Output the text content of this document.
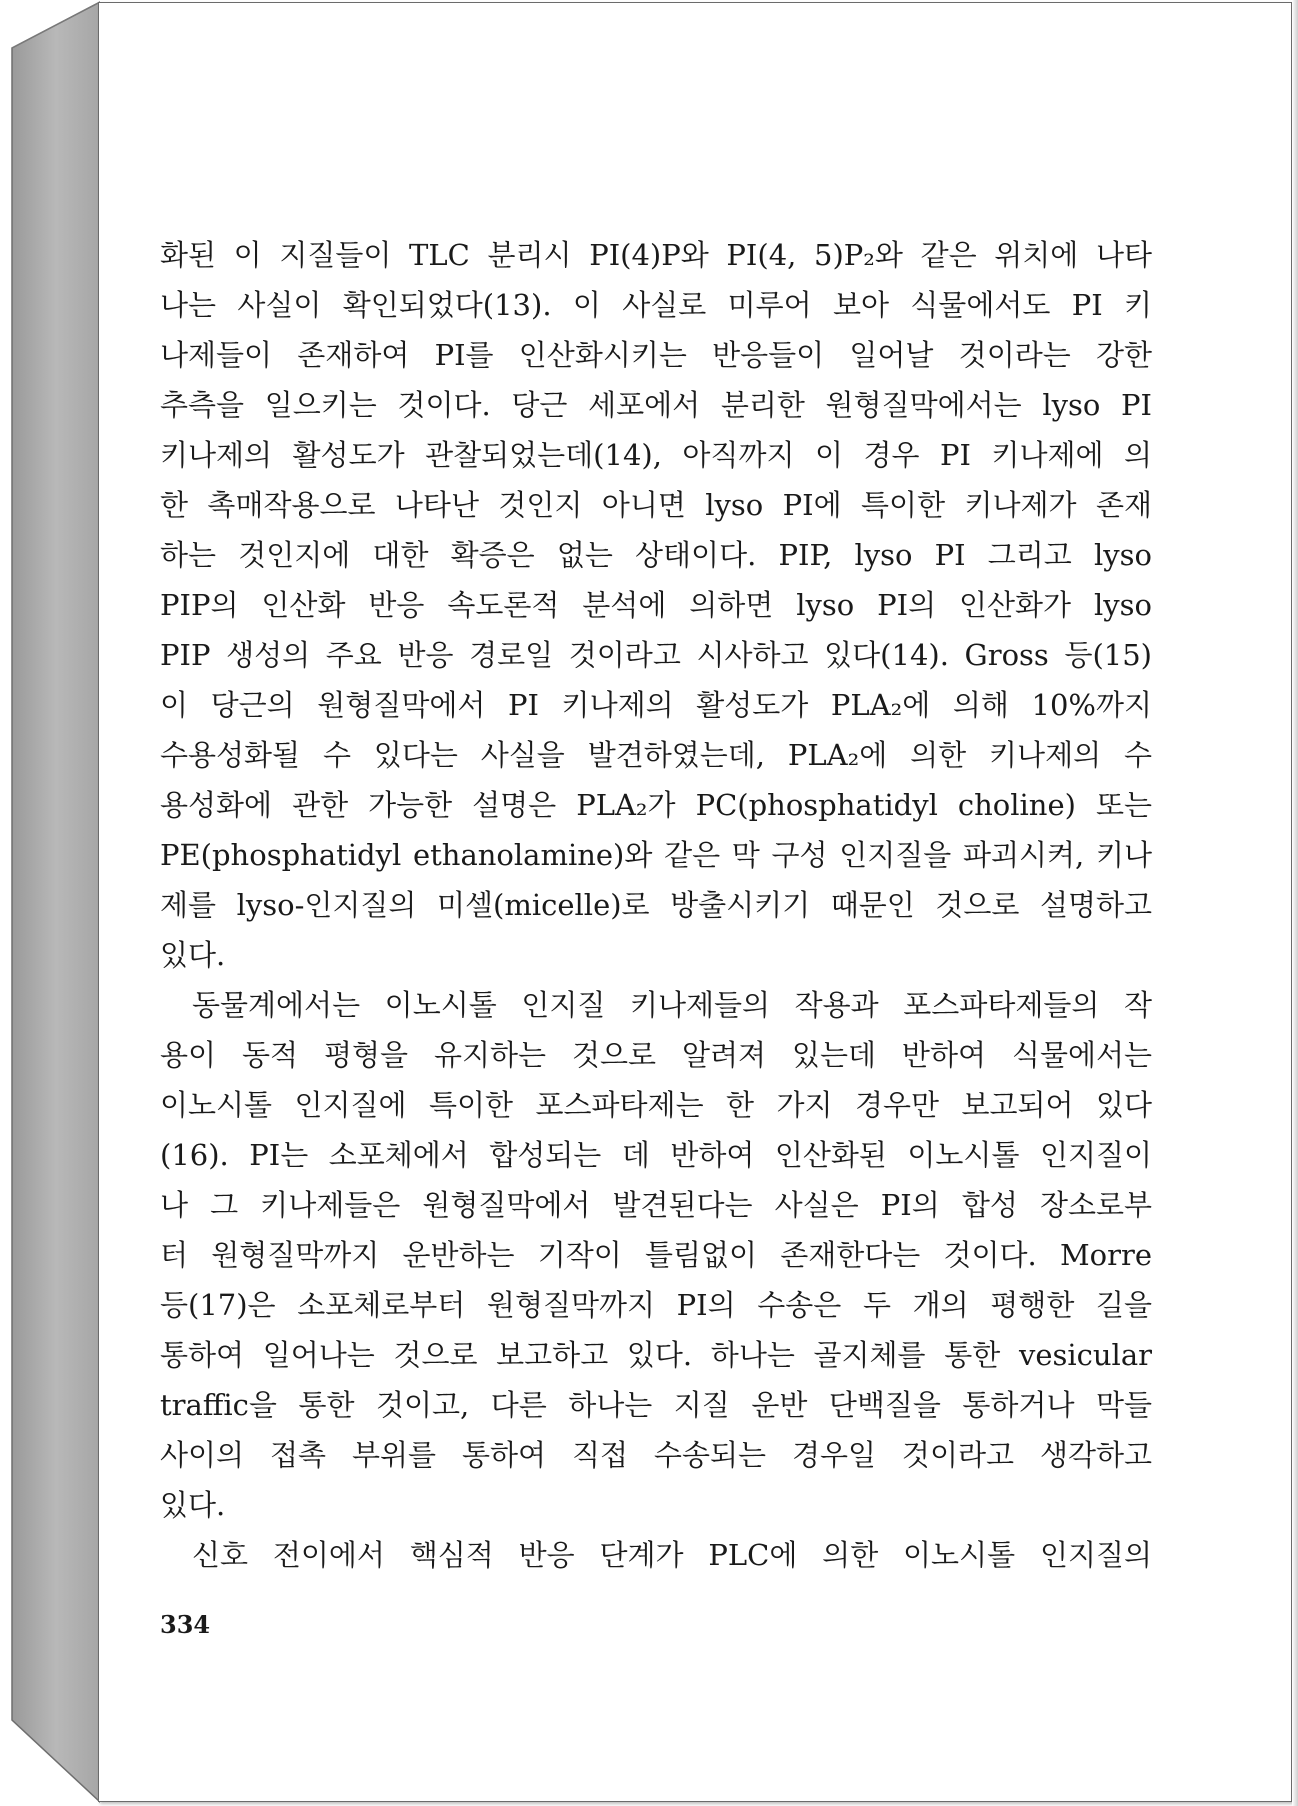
화된 이 지질들이 TLC 분리시 PI(4)P와 PI(4, 5)P₂와 같은 위치에 나타
나는 사실이 확인되었다(13). 이 사실로 미루어 보아 식물에서도 PI 키
나제들이 존재하여 PI를 인산화시키는 반응들이 일어날 것이라는 강한
추측을 일으키는 것이다. 당근 세포에서 분리한 원형질막에서는 lyso PI
키나제의 활성도가 관찰되었는데(14), 아직까지 이 경우 PI 키나제에 의
한 촉매작용으로 나타난 것인지 아니면 lyso PI에 특이한 키나제가 존재
하는 것인지에 대한 확증은 없는 상태이다. PIP, lyso PI 그리고 lyso
PIP의 인산화 반응 속도론적 분석에 의하면 lyso PI의 인산화가 lyso
PIP 생성의 주요 반응 경로일 것이라고 시사하고 있다(14). Gross 등(15)
이 당근의 원형질막에서 PI 키나제의 활성도가 PLA₂에 의해 10%까지
수용성화될 수 있다는 사실을 발견하였는데, PLA₂에 의한 키나제의 수
용성화에 관한 가능한 설명은 PLA₂가 PC(phosphatidyl choline) 또는
PE(phosphatidyl ethanolamine)와 같은 막 구성 인지질을 파괴시켜, 키나
제를 lyso-인지질의 미셀(micelle)로 방출시키기 때문인 것으로 설명하고
있다.
동물계에서는 이노시톨 인지질 키나제들의 작용과 포스파타제들의 작
용이 동적 평형을 유지하는 것으로 알려져 있는데 반하여 식물에서는
이노시톨 인지질에 특이한 포스파타제는 한 가지 경우만 보고되어 있다
(16). PI는 소포체에서 합성되는 데 반하여 인산화된 이노시톨 인지질이
나 그 키나제들은 원형질막에서 발견된다는 사실은 PI의 합성 장소로부
터 원형질막까지 운반하는 기작이 틀림없이 존재한다는 것이다. Morre
등(17)은 소포체로부터 원형질막까지 PI의 수송은 두 개의 평행한 길을
통하여 일어나는 것으로 보고하고 있다. 하나는 골지체를 통한 vesicular
traffic을 통한 것이고, 다른 하나는 지질 운반 단백질을 통하거나 막들
사이의 접촉 부위를 통하여 직접 수송되는 경우일 것이라고 생각하고
있다.
신호 전이에서 핵심적 반응 단계가 PLC에 의한 이노시톨 인지질의
334
